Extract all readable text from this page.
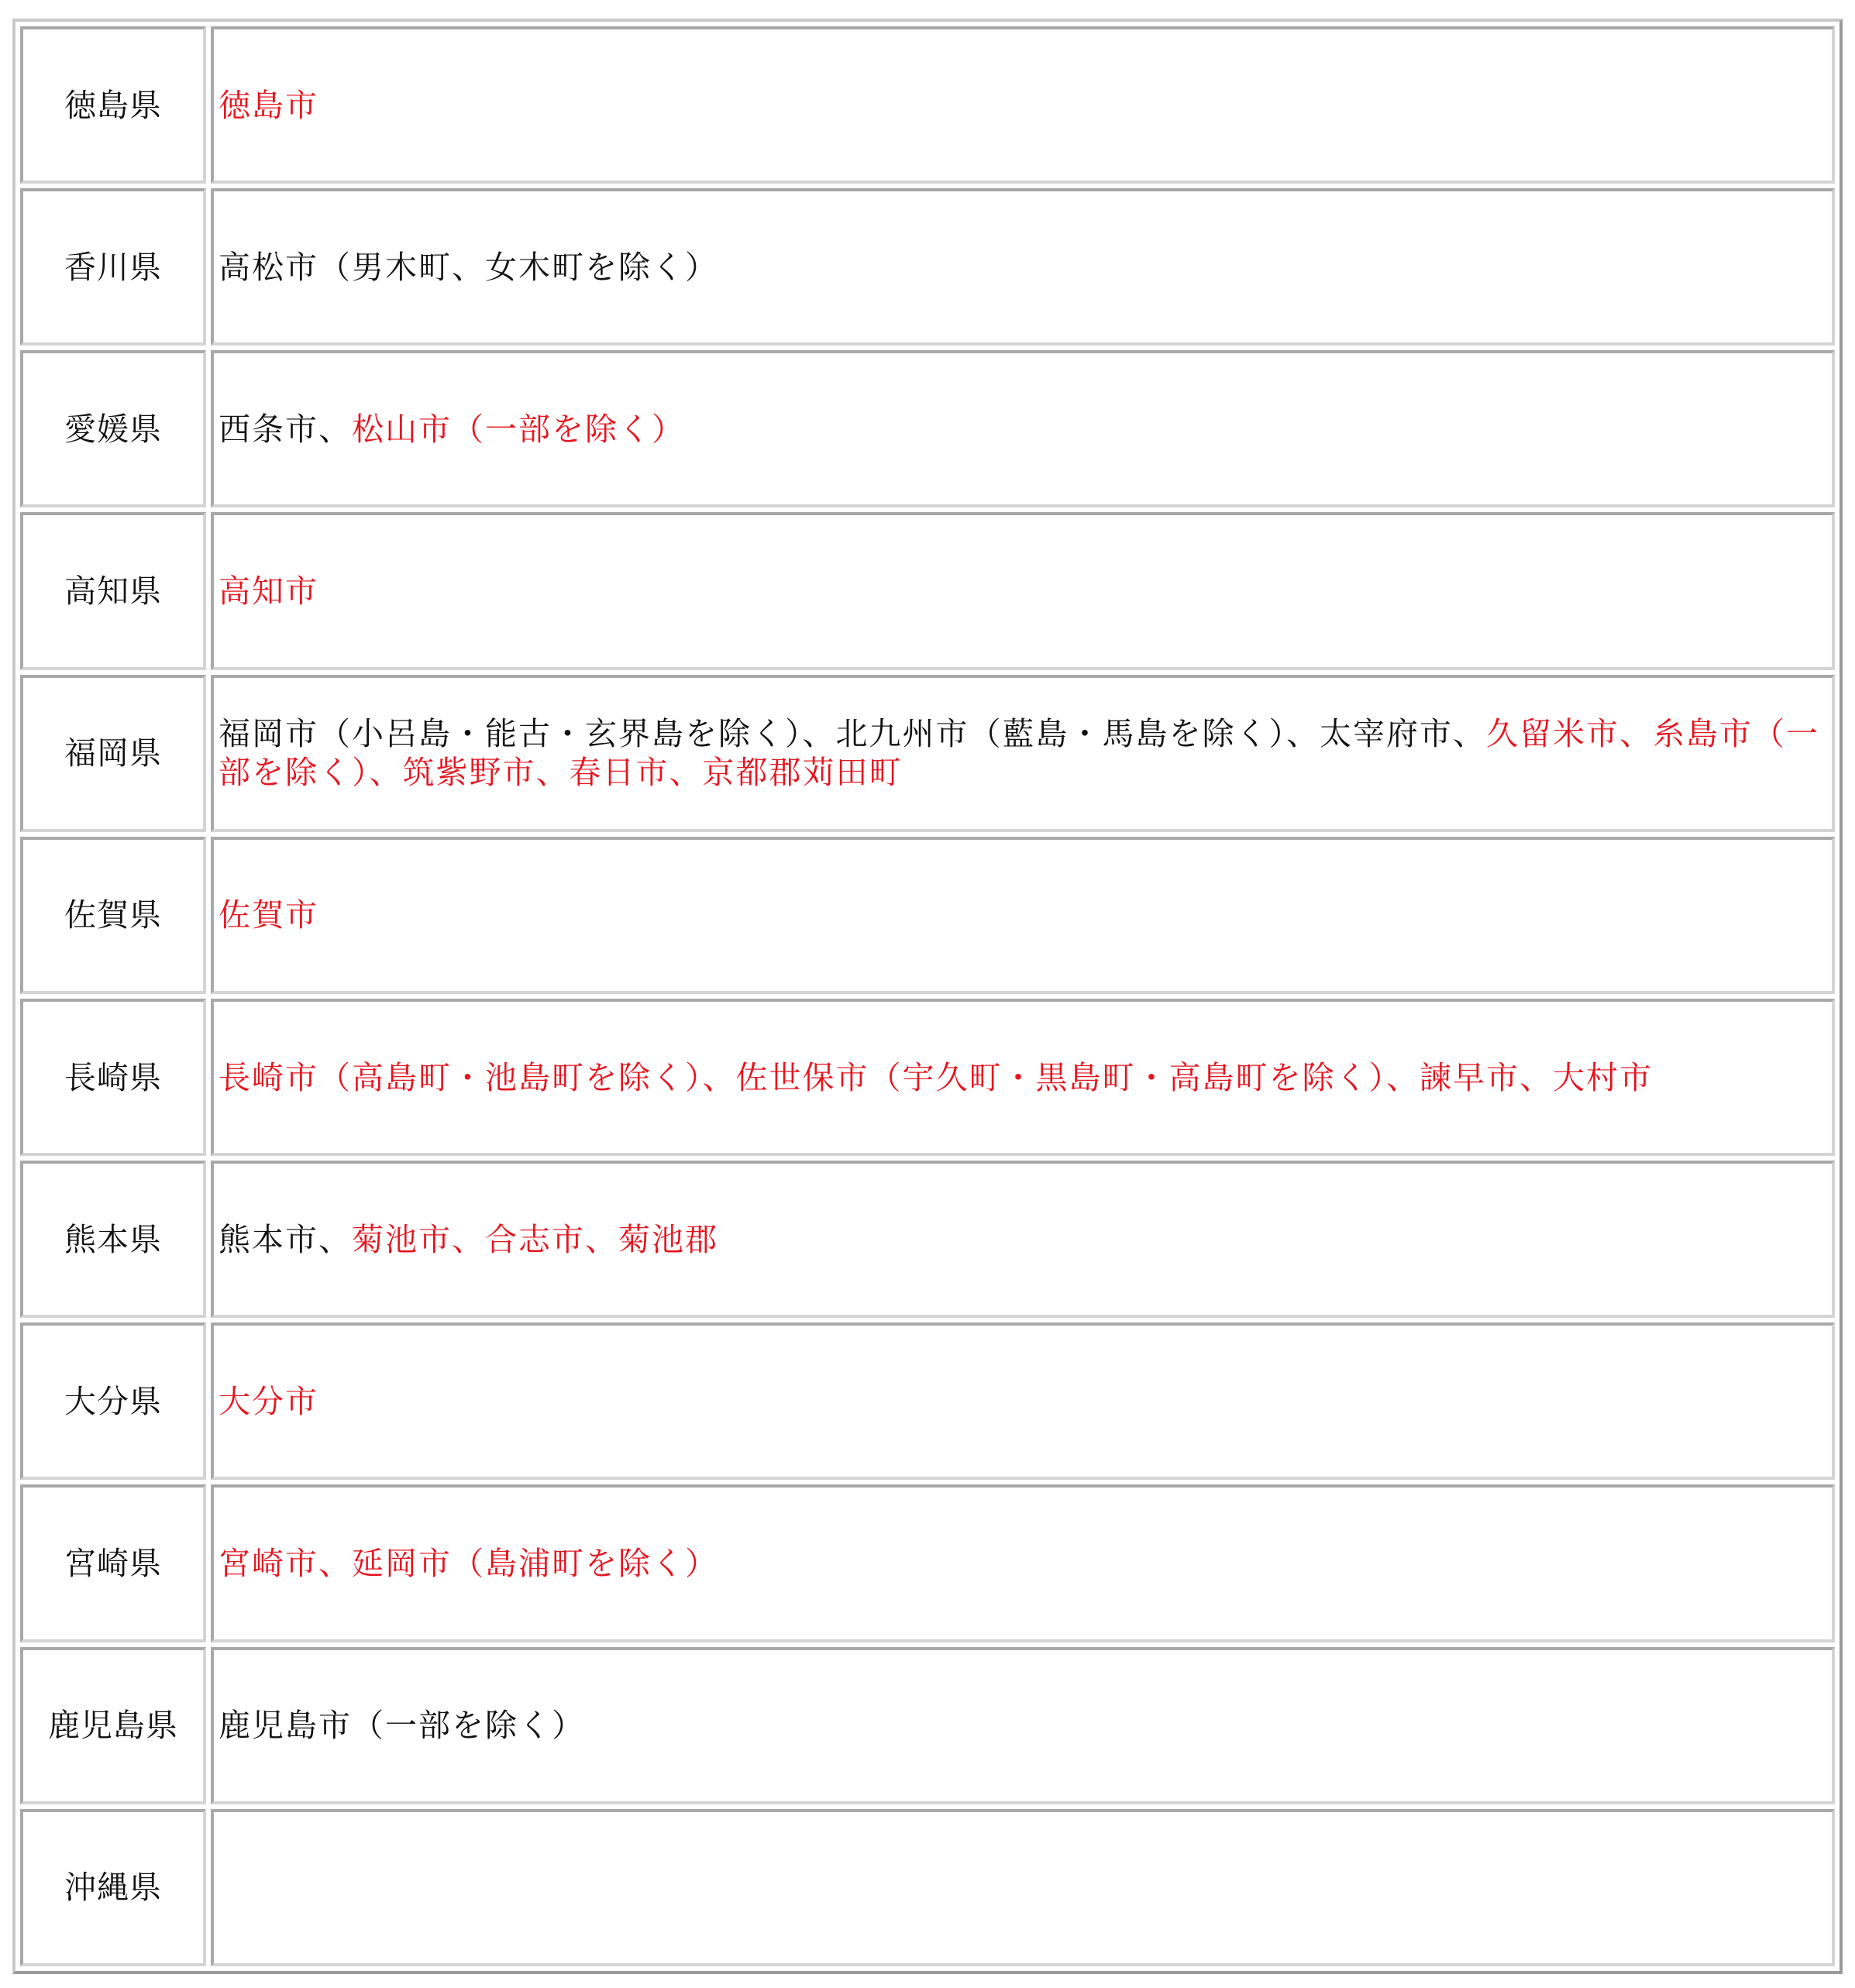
徳島県	徳島市
香川県	高松市（男木町、女木町を除く）
愛媛県	西条市、松山市（一部を除く）
高知県	高知市
福岡県	福岡市（小呂島・能古・玄界島を除く）、北九州市（藍島・馬島を除く）、太宰府市、久留米市、糸島市（一部を除く）、筑紫野市、春日市、京都郡苅田町
佐賀県	佐賀市
長崎県	長崎市（高島町・池島町を除く）、佐世保市（宇久町・黒島町・高島町を除く）、諫早市、大村市
熊本県	熊本市、菊池市、合志市、菊池郡
大分県	大分市
宮崎県	宮崎市、延岡市（島浦町を除く）
鹿児島県	鹿児島市（一部を除く）
沖縄県	
